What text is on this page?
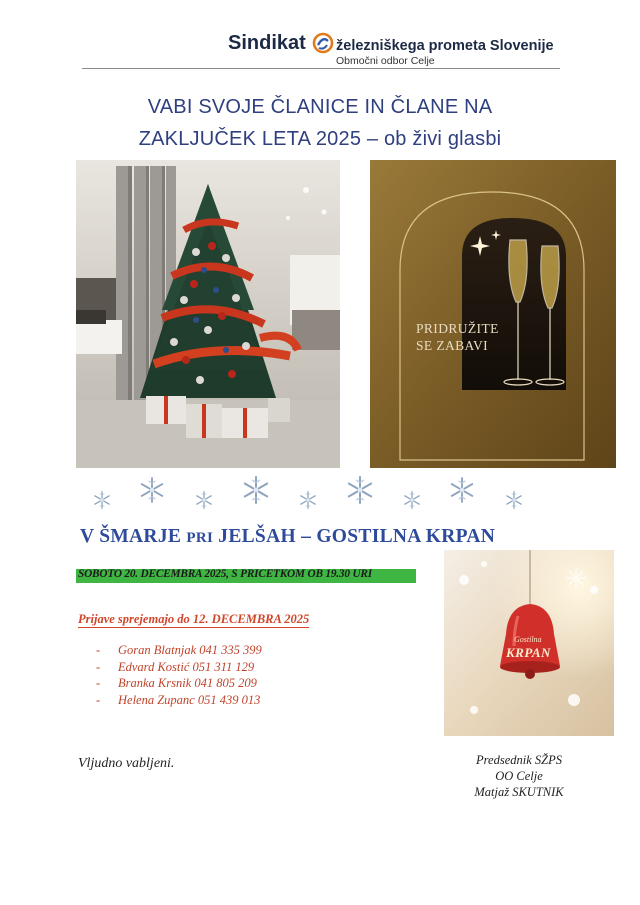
Sindikat železniškega prometa Slovenije
Območni odbor Celje
VABI SVOJE ČLANICE IN ČLANE NA
ZAKLJUČEK LETA 2025 – ob živi glasbi
PRIDRUŽITE
SE ZABAVI
V ŠMARJE PRI JELŠAH – GOSTILNA KRPAN
SOBOTO 20. DECEMBRA 2025, S PRIČETKOM OB 19.30 URI
Prijave sprejemajo do 12. DECEMBRA 2025
- Goran Blatnjak 041 335 399
- Edvard Kostić 051 311 129
- Branka Krsnik 041 805 209
- Helena Zupanc 051 439 013
Gostilna
KRPAN
Vljudno vabljeni.	Predsednik SŽPS
OO Celje
Matjaž SKUTNIK
